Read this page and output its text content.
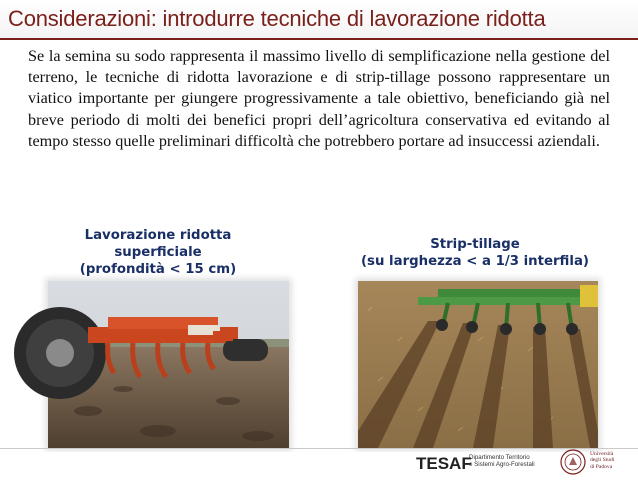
Considerazioni: introdurre tecniche di lavorazione ridotta
Se la semina su sodo rappresenta il massimo livello di semplificazione nella gestione del terreno, le tecniche di ridotta lavorazione e di strip-tillage possono rappresentare un viatico importante per giungere progressivamente a tale obiettivo, beneficiando già nel breve periodo di molti dei benefici propri dell’agricoltura conservativa ed evitando al tempo stesso quelle preliminari difficoltà che potrebbero portare ad insuccessi aziendali.
Lavorazione ridotta
superficiale
(profondità < 15 cm)
Strip-tillage
(su larghezza < a 1/3 interfila)
TESAF
Dipartimento Territorio
e Sistemi Agro-Forestali
Università
degli Studi
di Padova
